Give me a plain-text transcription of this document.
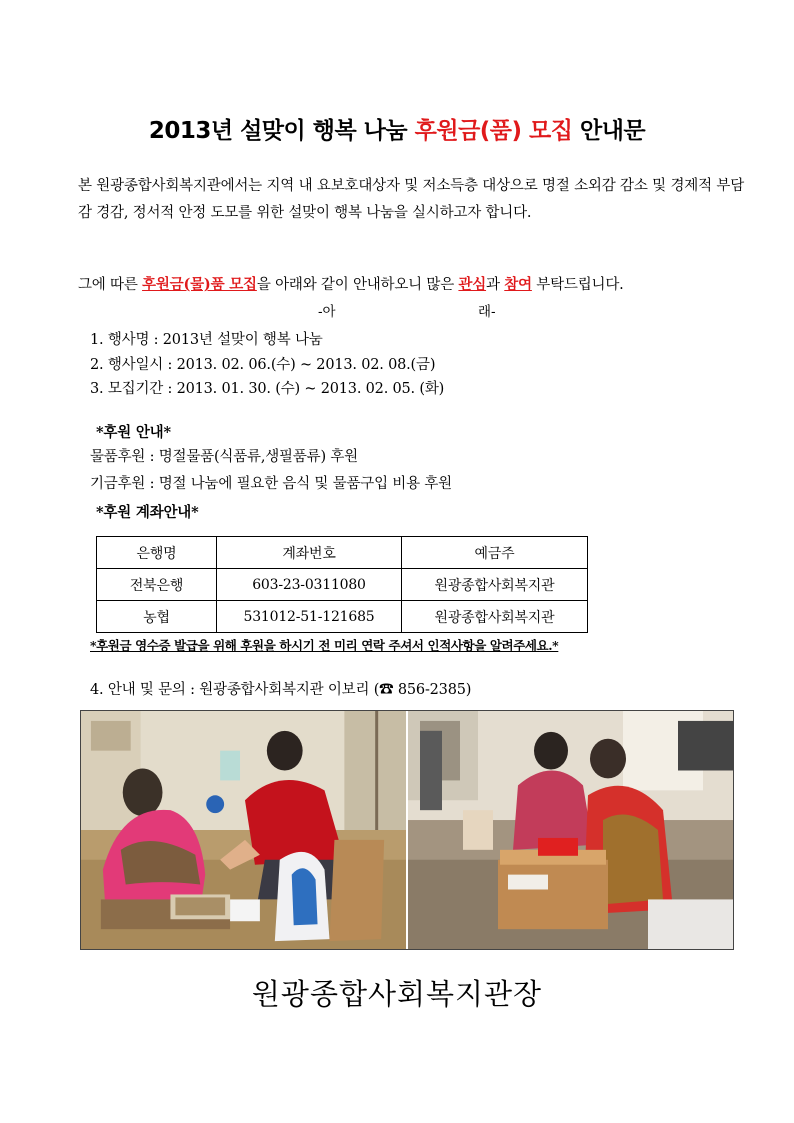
2013년 설맞이 행복 나눔 후원금(품) 모집 안내문

본 원광종합사회복지관에서는 지역 내 요보호대상자 및 저소득층 대상으로 명절 소외감 감소 및 경제적 부담감 경감, 정서적 안정 도모를 위한 설맞이 행복 나눔을 실시하고자 합니다.

그에 따른 후원금(물)품 모집을 아래와 같이 안내하오니 많은 관심과 참여 부탁드립니다.

-아	래-
1. 행사명 : 2013년 설맞이 행복 나눔
2. 행사일시 : 2013. 02. 06.(수) ~ 2013. 02. 08.(금)
3. 모집기간 : 2013. 01. 30. (수) ~ 2013. 02. 05. (화)
*후원 안내*
물품후원 : 명절물품(식품류,생필품류) 후원
기금후원 : 명절 나눔에 필요한 음식 및 물품구입 비용 후원
*후원 계좌안내*
은행명	계좌번호	예금주
전북은행	603-23-0311080	원광종합사회복지관
농협	531012-51-121685	원광종합사회복지관
*후원금 영수증 발급을 위해 후원을 하시기 전 미리 연락 주셔서 인적사항을 알려주세요.*
4. 안내 및 문의 : 원광종합사회복지관 이보리 (☎ 856-2385)
원광종합사회복지관장
